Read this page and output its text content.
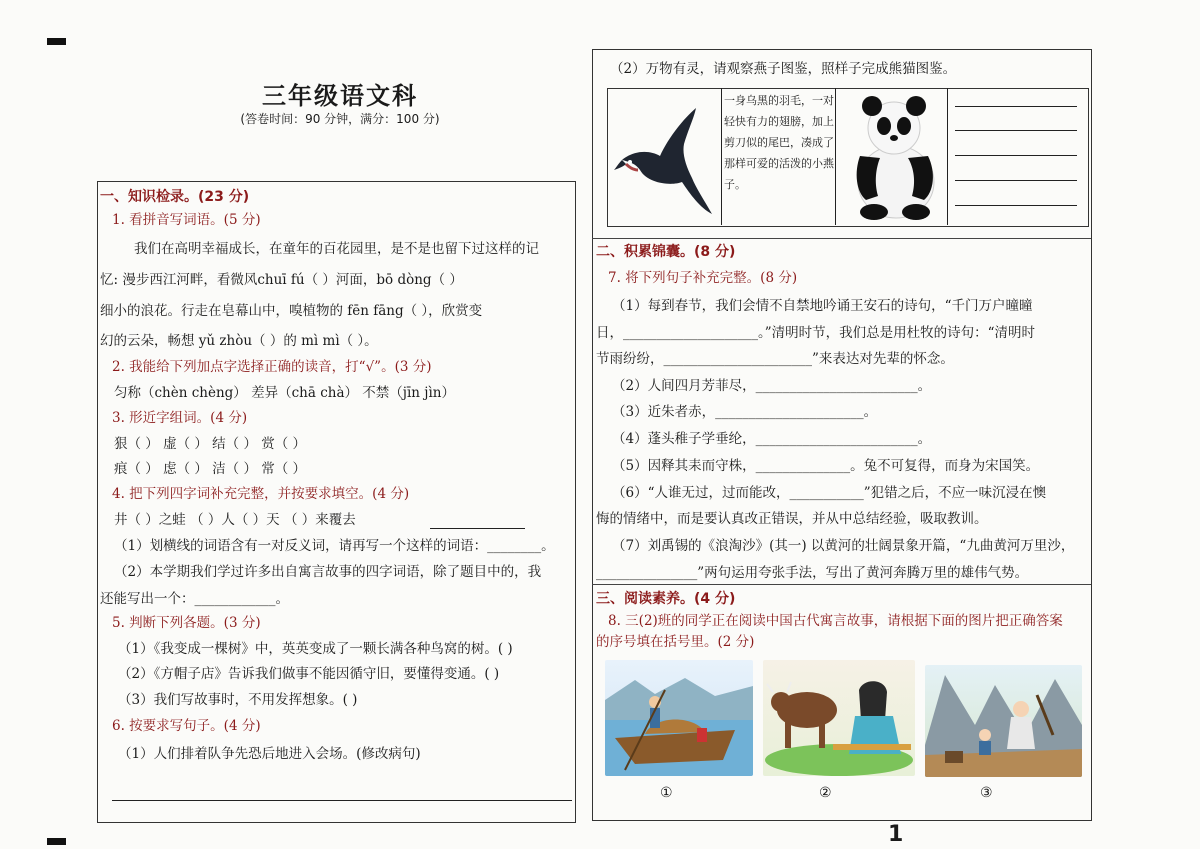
三年级语文科
(答卷时间：90 分钟，满分：100 分)
一、知识检录。(23 分)
1. 看拼音写词语。(5 分)
我们在高明幸福成长，在童年的百花园里，是不是也留下过这样的记
忆: 漫步西江河畔，看微风chuī fú（ ）河面，bō dòng（ ）
细小的浪花。行走在皂幕山中，嗅植物的 fēn fāng（ ），欣赏变
幻的云朵，畅想 yǔ zhòu（ ）的 mì mì（ ）。
2. 我能给下列加点字选择正确的读音，打“√”。(3 分)
匀称（chèn chèng） 差异（chā chà） 不禁（jīn jìn）
3. 形近字组词。(4 分)
狠（ ） 虚（ ） 结（ ） 赏（ ）
痕（ ） 虑（ ） 洁（ ） 常（ ）
4. 把下列四字词补充完整，并按要求填空。(4 分)
井（ ）之蛙 （ ）人（ ）天 （ ）来覆去
（1）划横线的词语含有一对反义词，请再写一个这样的词语：________。
（2）本学期我们学过许多出自寓言故事的四字词语，除了题目中的，我
还能写出一个：____________。
5. 判断下列各题。(3 分)
（1）《我变成一棵树》中，英英变成了一颗长满各种鸟窝的树。( )
（2）《方帽子店》告诉我们做事不能因循守旧，要懂得变通。( )
（3）我们写故事时，不用发挥想象。( )
6. 按要求写句子。(4 分)
（1）人们排着队争先恐后地进入会场。(修改病句)
（2）万物有灵，请观察燕子图鉴，照样子完成熊猫图鉴。
一身乌黑的羽毛，一对轻快有力的翅膀，加上剪刀似的尾巴，凑成了那样可爱的活泼的小燕子。
二、积累锦囊。(8 分)
7. 将下列句子补充完整。(8 分)
（1）每到春节，我们会情不自禁地吟诵王安石的诗句，“千门万户曈曈
日，____________________。”清明时节，我们总是用杜牧的诗句：“清明时
节雨纷纷，______________________”来表达对先辈的怀念。
（2）人间四月芳菲尽，________________________。
（3）近朱者赤，______________________。
（4）蓬头稚子学垂纶，________________________。
（5）因释其耒而守株，______________。兔不可复得，而身为宋国笑。
（6）“人谁无过，过而能改，___________”犯错之后，不应一味沉浸在懊
悔的情绪中，而是要认真改正错误，并从中总结经验，吸取教训。
（7）刘禹锡的《浪淘沙》(其一) 以黄河的壮阔景象开篇，“九曲黄河万里沙，
_______________”两句运用夸张手法，写出了黄河奔腾万里的雄伟气势。
三、阅读素养。(4 分)
8. 三(2)班的同学正在阅读中国古代寓言故事，请根据下面的图片把正确答案
的序号填在括号里。(2 分)
①	②	③
1
